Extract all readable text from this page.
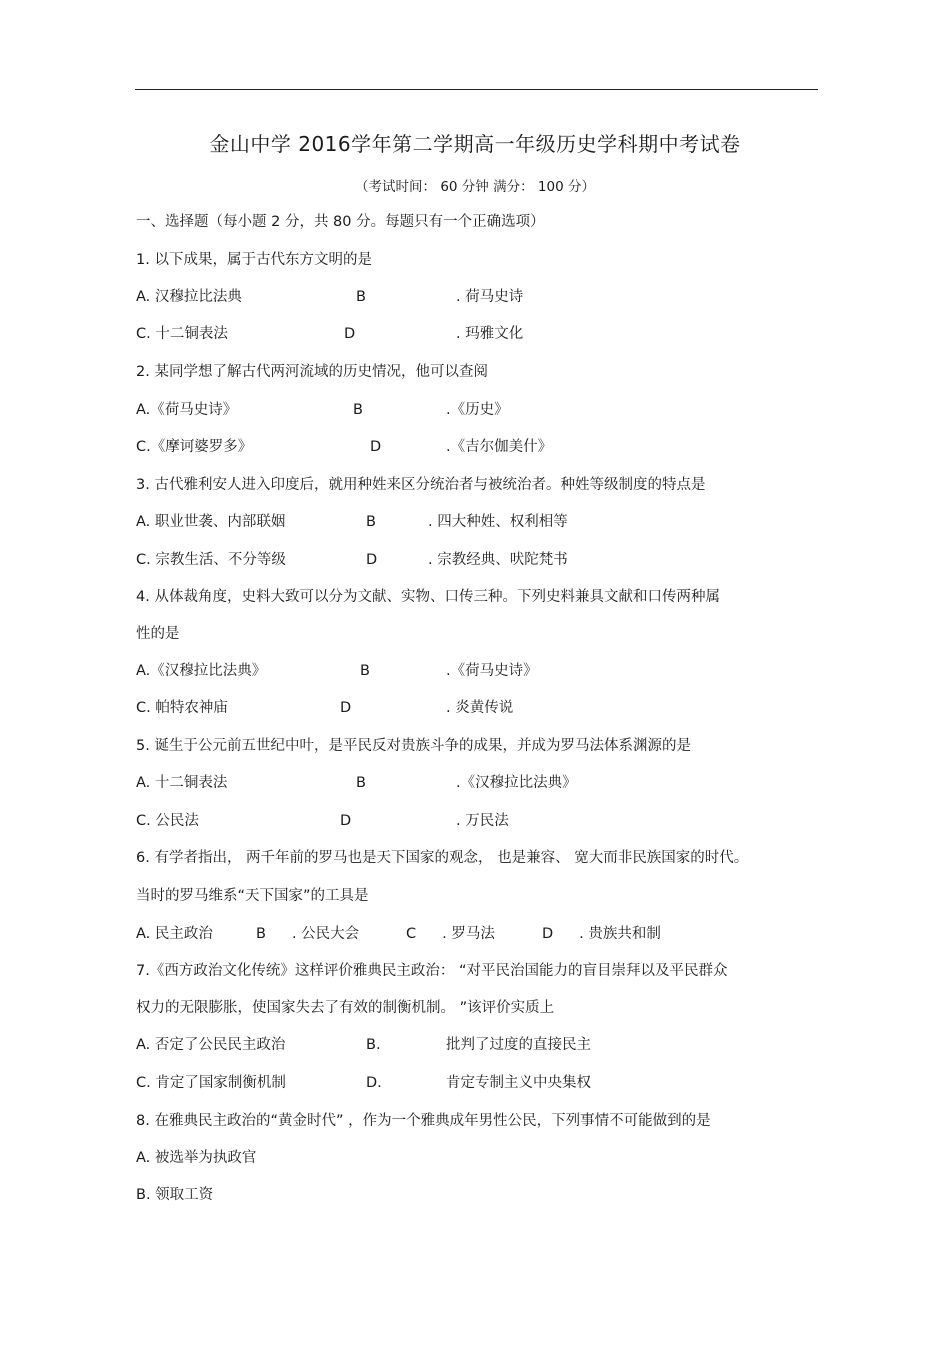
金山中学 2016学年第二学期高一年级历史学科期中考试卷
（考试时间： 60 分钟 满分： 100 分）
一、选择题（每小题 2 分，共 80 分。每题只有一个正确选项）
1. 以下成果，属于古代东方文明的是
A. 汉穆拉比法典	B	. 荷马史诗
C. 十二铜表法	D	. 玛雅文化
2. 某同学想了解古代两河流域的历史情况，他可以查阅
A.《荷马史诗》	B	.《历史》
C.《摩诃婆罗多》	D	.《吉尔伽美什》
3. 古代雅利安人进入印度后，就用种姓来区分统治者与被统治者。种姓等级制度的特点是
A. 职业世袭、内部联姻	B	. 四大种姓、权利相等
C. 宗教生活、不分等级	D	. 宗教经典、吠陀梵书
4. 从体裁角度，史料大致可以分为文献、实物、口传三种。下列史料兼具文献和口传两种属
性的是
A.《汉穆拉比法典》	B	.《荷马史诗》
C. 帕特农神庙	D	. 炎黄传说
5. 诞生于公元前五世纪中叶，是平民反对贵族斗争的成果，并成为罗马法体系渊源的是
A. 十二铜表法	B	.《汉穆拉比法典》
C. 公民法	D	. 万民法
6. 有学者指出， 两千年前的罗马也是天下国家的观念， 也是兼容、 宽大而非民族国家的时代。
当时的罗马维系“天下国家”的工具是
A. 民主政治	B . 公民大会	C . 罗马法	D . 贵族共和制
7.《西方政治文化传统》这样评价雅典民主政治： “对平民治国能力的盲目崇拜以及平民群众
权力的无限膨胀，使国家失去了有效的制衡机制。 ”该评价实质上
A. 否定了公民民主政治	B.	批判了过度的直接民主
C. 肯定了国家制衡机制	D.	肯定专制主义中央集权
8. 在雅典民主政治的“黄金时代” ，作为一个雅典成年男性公民，下列事情不可能做到的是
A. 被选举为执政官
B. 领取工资
